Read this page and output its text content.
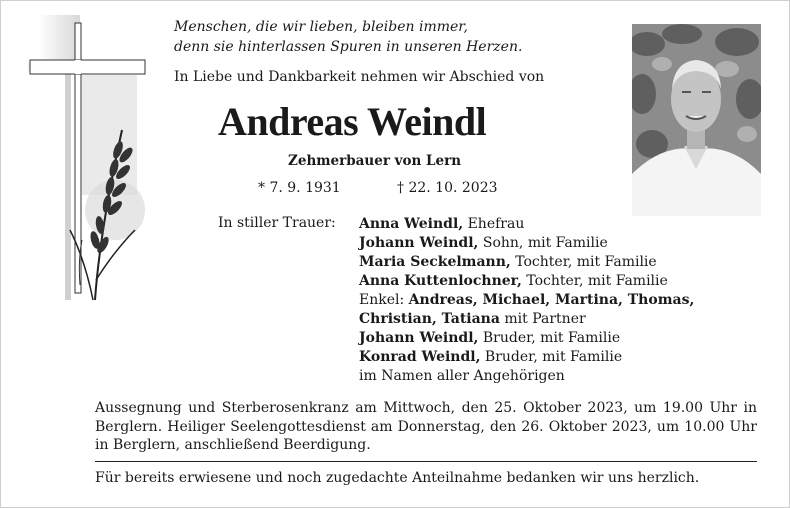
Menschen, die wir lieben, bleiben immer,
denn sie hinterlassen Spuren in unseren Herzen.
In Liebe und Dankbarkeit nehmen wir Abschied von
Andreas Weindl
Zehmerbauer von Lern
* 7. 9. 1931	† 22. 10. 2023
In stiller Trauer: Anna Weindl, Ehefrau
Johann Weindl, Sohn, mit Familie
Maria Seckelmann, Tochter, mit Familie
Anna Kuttenlochner, Tochter, mit Familie
Enkel: Andreas, Michael, Martina, Thomas,
Christian, Tatiana mit Partner
Johann Weindl, Bruder, mit Familie
Konrad Weindl, Bruder, mit Familie
im Namen aller Angehörigen
Aussegnung und Sterberosenkranz am Mittwoch, den 25. Oktober 2023, um 19.00 Uhr in Berglern. Heiliger Seelengottesdienst am Donnerstag, den 26. Oktober 2023, um 10.00 Uhr in Berglern, anschließend Beerdigung.
Für bereits erwiesene und noch zugedachte Anteilnahme bedanken wir uns herzlich.
